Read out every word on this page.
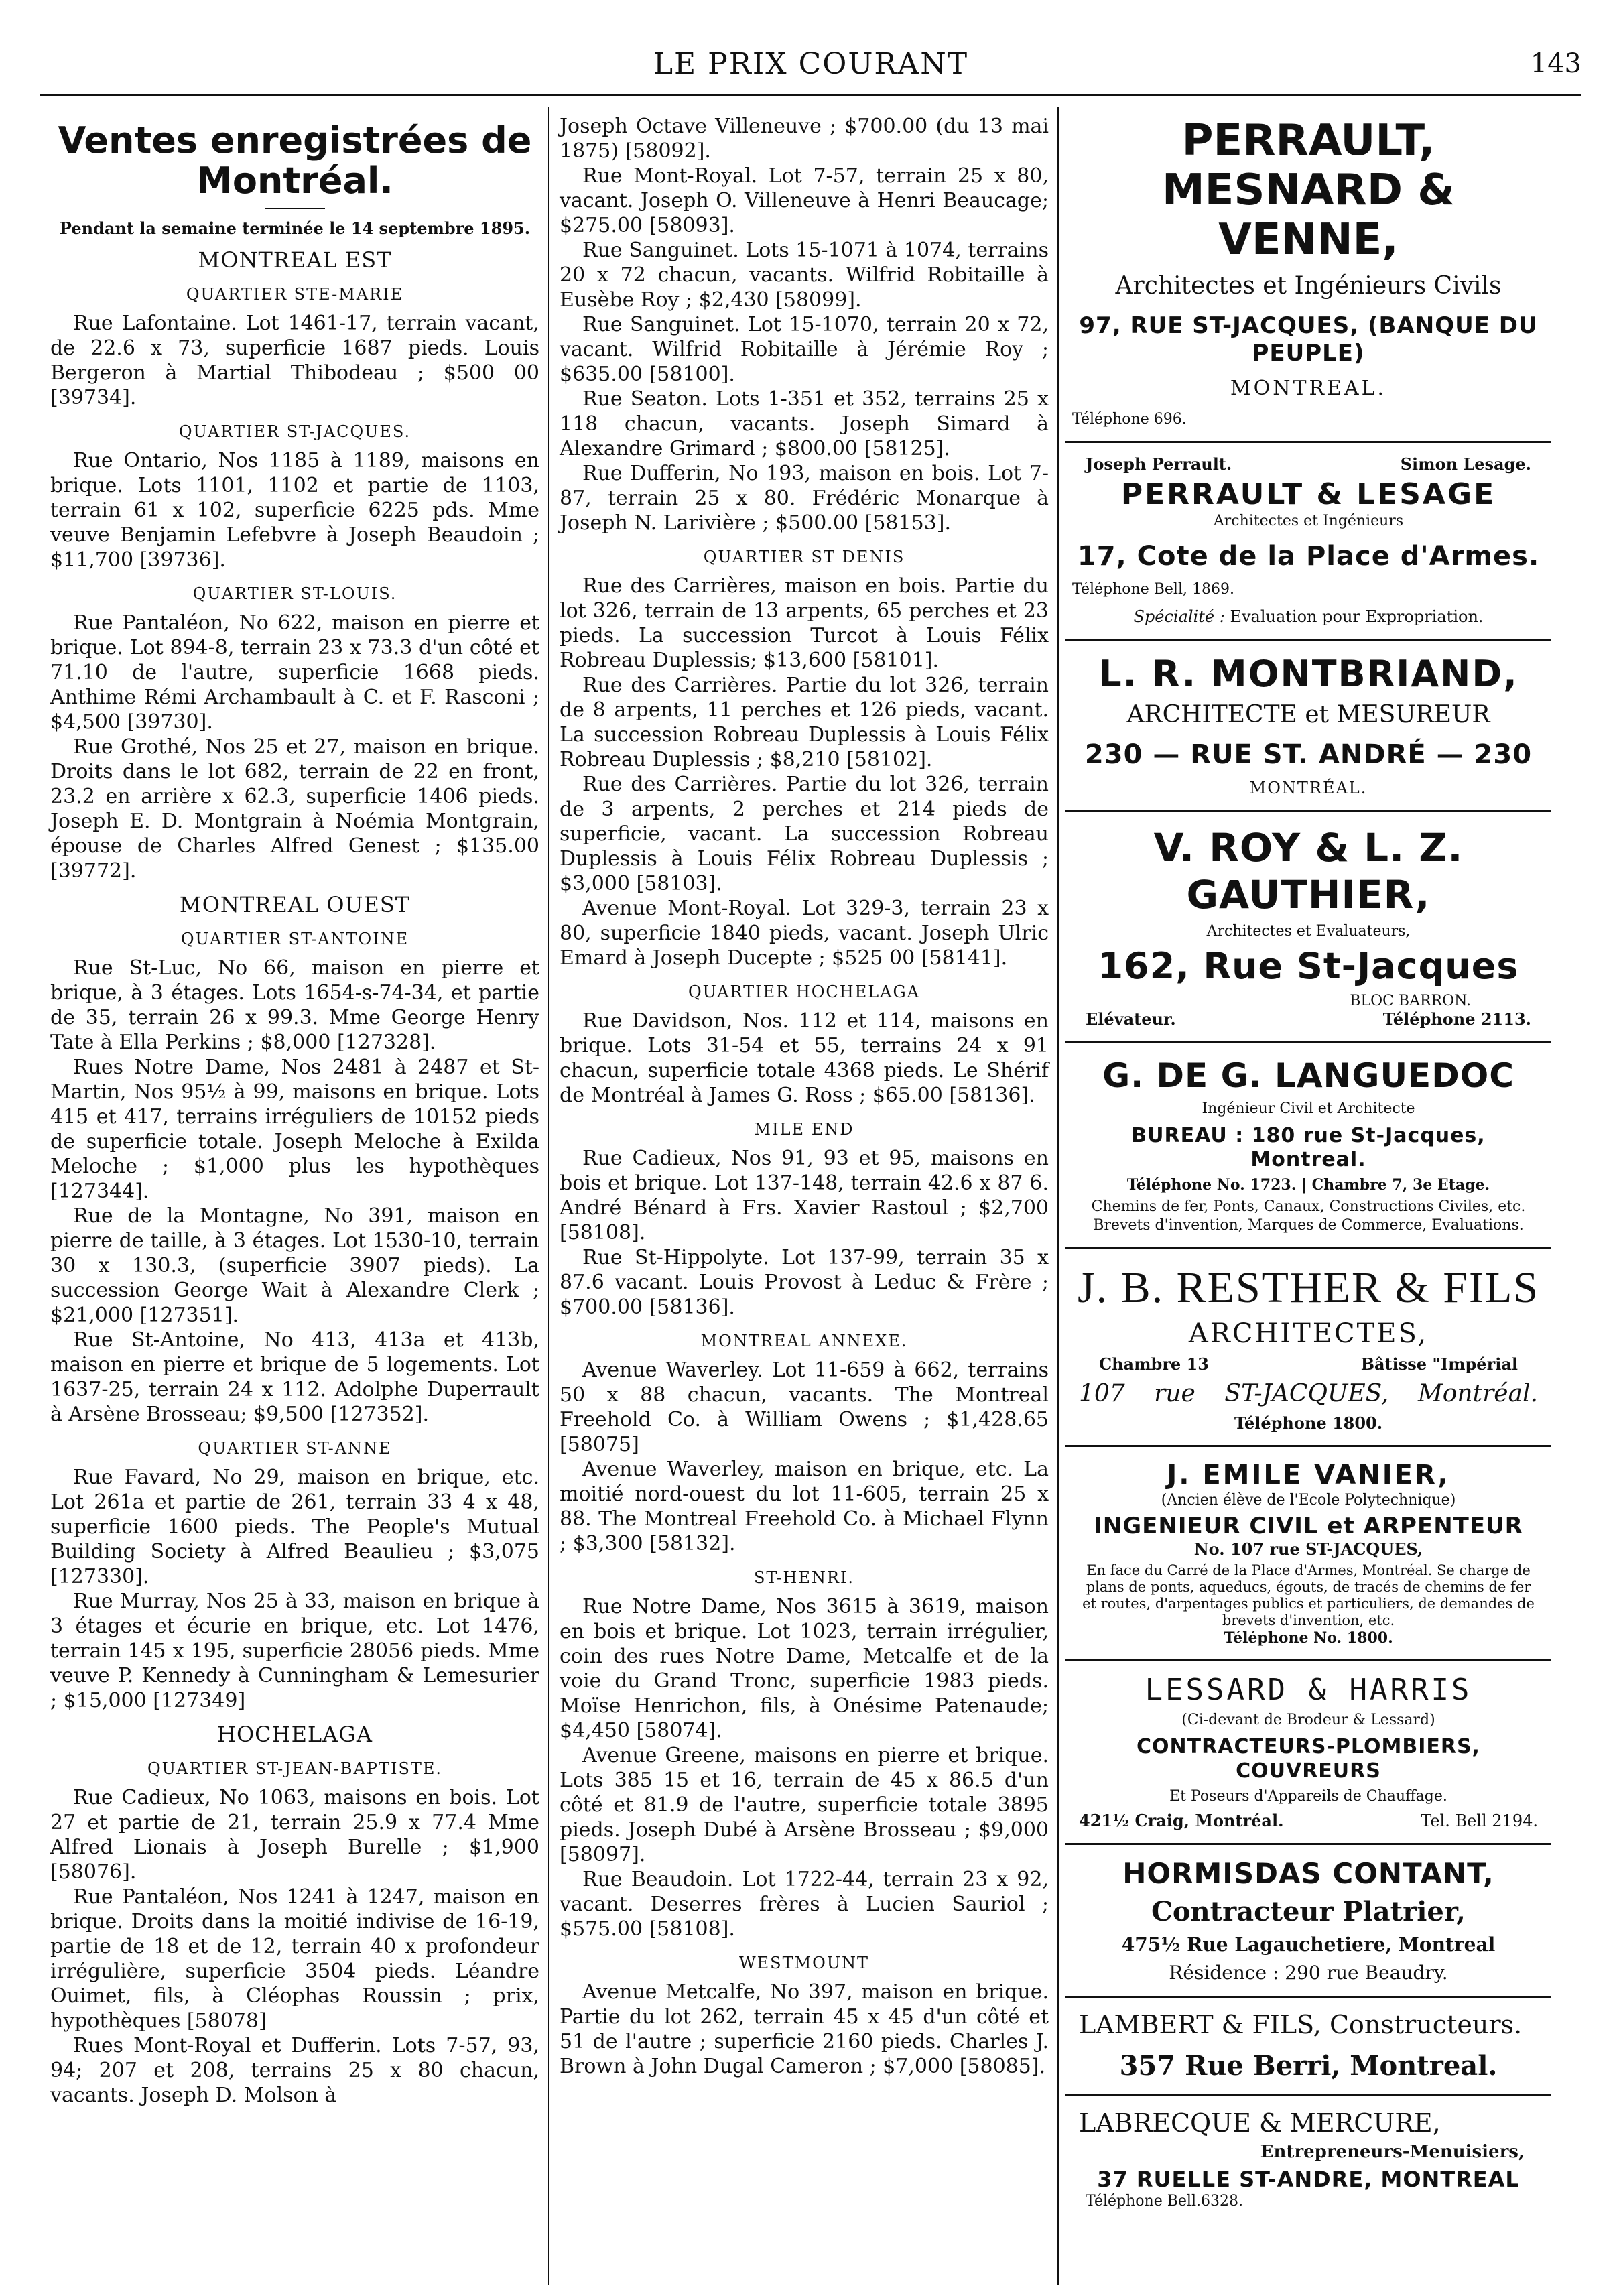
LE PRIX COURANT	143
Ventes enregistrées de Montréal.
Pendant la semaine terminée le 14 septembre 1895.
MONTREAL EST
QUARTIER STE-MARIE

Rue Lafontaine. Lot 1461-17, terrain vacant, de 22.6 x 73, superficie 1687 pieds. Louis Bergeron à Martial Thibodeau ; $500 00 [39734].

QUARTIER ST-JACQUES.

Rue Ontario, Nos 1185 à 1189, maisons en brique. Lots 1101, 1102 et partie de 1103, terrain 61 x 102, superficie 6225 pds. Mme veuve Benjamin Lefebvre à Joseph Beaudoin ; $11,700 [39736].

QUARTIER ST-LOUIS.

Rue Pantaléon, No 622, maison en pierre et brique. Lot 894-8, terrain 23 x 73.3 d'un côté et 71.10 de l'autre, superficie 1668 pieds. Anthime Rémi Archambault à C. et F. Rasconi ; $4,500 [39730].

Rue Grothé, Nos 25 et 27, maison en brique. Droits dans le lot 682, terrain de 22 en front, 23.2 en arrière x 62.3, superficie 1406 pieds. Joseph E. D. Montgrain à Noémia Montgrain, épouse de Charles Alfred Genest ; $135.00 [39772].

MONTREAL OUEST
QUARTIER ST-ANTOINE

Rue St-Luc, No 66, maison en pierre et brique, à 3 étages. Lots 1654-s-74-34, et partie de 35, terrain 26 x 99.3. Mme George Henry Tate à Ella Perkins ; $8,000 [127328].

Rues Notre Dame, Nos 2481 à 2487 et St-Martin, Nos 95½ à 99, maisons en brique. Lots 415 et 417, terrains irréguliers de 10152 pieds de superficie totale. Joseph Meloche à Exilda Meloche ; $1,000 plus les hypothèques [127344].

Rue de la Montagne, No 391, maison en pierre de taille, à 3 étages. Lot 1530-10, terrain 30 x 130.3, (superficie 3907 pieds). La succession George Wait à Alexandre Clerk ; $21,000 [127351].

Rue St-Antoine, No 413, 413a et 413b, maison en pierre et brique de 5 logements. Lot 1637-25, terrain 24 x 112. Adolphe Duperrault à Arsène Brosseau; $9,500 [127352].

QUARTIER ST-ANNE

Rue Favard, No 29, maison en brique, etc. Lot 261a et partie de 261, terrain 33 4 x 48, superficie 1600 pieds. The People's Mutual Building Society à Alfred Beaulieu ; $3,075 [127330].

Rue Murray, Nos 25 à 33, maison en brique à 3 étages et écurie en brique, etc. Lot 1476, terrain 145 x 195, superficie 28056 pieds. Mme veuve P. Kennedy à Cunningham & Lemesurier ; $15,000 [127349]

HOCHELAGA
QUARTIER ST-JEAN-BAPTISTE.

Rue Cadieux, No 1063, maisons en bois. Lot 27 et partie de 21, terrain 25.9 x 77.4 Mme Alfred Lionais à Joseph Burelle ; $1,900 [58076].

Rue Pantaléon, Nos 1241 à 1247, maison en brique. Droits dans la moitié indivise de 16-19, partie de 18 et de 12, terrain 40 x profondeur irrégulière, superficie 3504 pieds. Léandre Ouimet, fils, à Cléophas Roussin ; prix, hypothèques [58078]

Rues Mont-Royal et Dufferin. Lots 7-57, 93, 94; 207 et 208, terrains 25 x 80 chacun, vacants. Joseph D. Molson à

Joseph Octave Villeneuve ; $700.00 (du 13 mai 1875) [58092].

Rue Mont-Royal. Lot 7-57, terrain 25 x 80, vacant. Joseph O. Villeneuve à Henri Beaucage; $275.00 [58093].

Rue Sanguinet. Lots 15-1071 à 1074, terrains 20 x 72 chacun, vacants. Wilfrid Robitaille à Eusèbe Roy ; $2,430 [58099].

Rue Sanguinet. Lot 15-1070, terrain 20 x 72, vacant. Wilfrid Robitaille à Jérémie Roy ; $635.00 [58100].

Rue Seaton. Lots 1-351 et 352, terrains 25 x 118 chacun, vacants. Joseph Simard à Alexandre Grimard ; $800.00 [58125].

Rue Dufferin, No 193, maison en bois. Lot 7-87, terrain 25 x 80. Frédéric Monarque à Joseph N. Larivière ; $500.00 [58153].

QUARTIER ST DENIS

Rue des Carrières, maison en bois. Partie du lot 326, terrain de 13 arpents, 65 perches et 23 pieds. La succession Turcot à Louis Félix Robreau Duplessis; $13,600 [58101].

Rue des Carrières. Partie du lot 326, terrain de 8 arpents, 11 perches et 126 pieds, vacant. La succession Robreau Duplessis à Louis Félix Robreau Duplessis ; $8,210 [58102].

Rue des Carrières. Partie du lot 326, terrain de 3 arpents, 2 perches et 214 pieds de superficie, vacant. La succession Robreau Duplessis à Louis Félix Robreau Duplessis ; $3,000 [58103].

Avenue Mont-Royal. Lot 329-3, terrain 23 x 80, superficie 1840 pieds, vacant. Joseph Ulric Emard à Joseph Ducepte ; $525 00 [58141].

QUARTIER HOCHELAGA

Rue Davidson, Nos. 112 et 114, maisons en brique. Lots 31-54 et 55, terrains 24 x 91 chacun, superficie totale 4368 pieds. Le Shérif de Montréal à James G. Ross ; $65.00 [58136].

MILE END

Rue Cadieux, Nos 91, 93 et 95, maisons en bois et brique. Lot 137-148, terrain 42.6 x 87 6. André Bénard à Frs. Xavier Rastoul ; $2,700 [58108].

Rue St-Hippolyte. Lot 137-99, terrain 35 x 87.6 vacant. Louis Provost à Leduc & Frère ; $700.00 [58136].

MONTREAL ANNEXE.

Avenue Waverley. Lot 11-659 à 662, terrains 50 x 88 chacun, vacants. The Montreal Freehold Co. à William Owens ; $1,428.65 [58075]

Avenue Waverley, maison en brique, etc. La moitié nord-ouest du lot 11-605, terrain 25 x 88. The Montreal Freehold Co. à Michael Flynn ; $3,300 [58132].

ST-HENRI.

Rue Notre Dame, Nos 3615 à 3619, maison en bois et brique. Lot 1023, terrain irrégulier, coin des rues Notre Dame, Metcalfe et de la voie du Grand Tronc, superficie 1983 pieds. Moïse Henrichon, fils, à Onésime Patenaude; $4,450 [58074].

Avenue Greene, maisons en pierre et brique. Lots 385 15 et 16, terrain de 45 x 86.5 d'un côté et 81.9 de l'autre, superficie totale 3895 pieds. Joseph Dubé à Arsène Brosseau ; $9,000 [58097].

Rue Beaudoin. Lot 1722-44, terrain 23 x 92, vacant. Deserres frères à Lucien Sauriol ; $575.00 [58108].

WESTMOUNT

Avenue Metcalfe, No 397, maison en brique. Partie du lot 262, terrain 45 x 45 d'un côté et 51 de l'autre ; superficie 2160 pieds. Charles J. Brown à John Dugal Cameron ; $7,000 [58085].

PERRAULT, MESNARD & VENNE,
Architectes et Ingénieurs Civils
97, RUE ST-JACQUES, (BANQUE DU PEUPLE)
MONTREAL.
Téléphone 696.
Joseph Perrault.	Simon Lesage.
PERRAULT & LESAGE
Architectes et Ingénieurs
17, Cote de la Place d'Armes.
Téléphone Bell, 1869.
Spécialité : Evaluation pour Expropriation.
L. R. MONTBRIAND,
ARCHITECTE et MESUREUR
230 — RUE ST. ANDRÉ — 230
MONTRÉAL.
V. ROY & L. Z. GAUTHIER,
Architectes et Evaluateurs,
162, Rue St-Jacques
BLOC BARRON.
Elévateur.	Téléphone 2113.
G. DE G. LANGUEDOC
Ingénieur Civil et Architecte
BUREAU : 180 rue St-Jacques, Montreal.
Téléphone No. 1723. | Chambre 7, 3e Etage.
Chemins de fer, Ponts, Canaux, Constructions Civiles, etc. Brevets d'invention, Marques de Commerce, Evaluations.
J. B. RESTHER & FILS
ARCHITECTES,
Chambre 13	Bâtisse "Impérial
107 rue ST-JACQUES, Montréal.
Téléphone 1800.
J. EMILE VANIER,
(Ancien élève de l'Ecole Polytechnique)
INGENIEUR CIVIL et ARPENTEUR
No. 107 rue ST-JACQUES,
En face du Carré de la Place d'Armes, Montréal. Se charge de plans de ponts, aqueducs, égouts, de tracés de chemins de fer et routes, d'arpentages publics et particuliers, de demandes de brevets d'invention, etc.
Téléphone No. 1800.
LESSARD & HARRIS
(Ci-devant de Brodeur & Lessard)
CONTRACTEURS-PLOMBIERS, COUVREURS
Et Poseurs d'Appareils de Chauffage.
421½ Craig, Montréal.	Tel. Bell 2194.
HORMISDAS CONTANT,
Contracteur Platrier,
475½ Rue Lagauchetiere, Montreal
Résidence : 290 rue Beaudry.
LAMBERT & FILS, Constructeurs.
357 Rue Berri, Montreal.
LABRECQUE & MERCURE,
Entrepreneurs-Menuisiers,
37 RUELLE ST-ANDRE, MONTREAL
Téléphone Bell.6328.
